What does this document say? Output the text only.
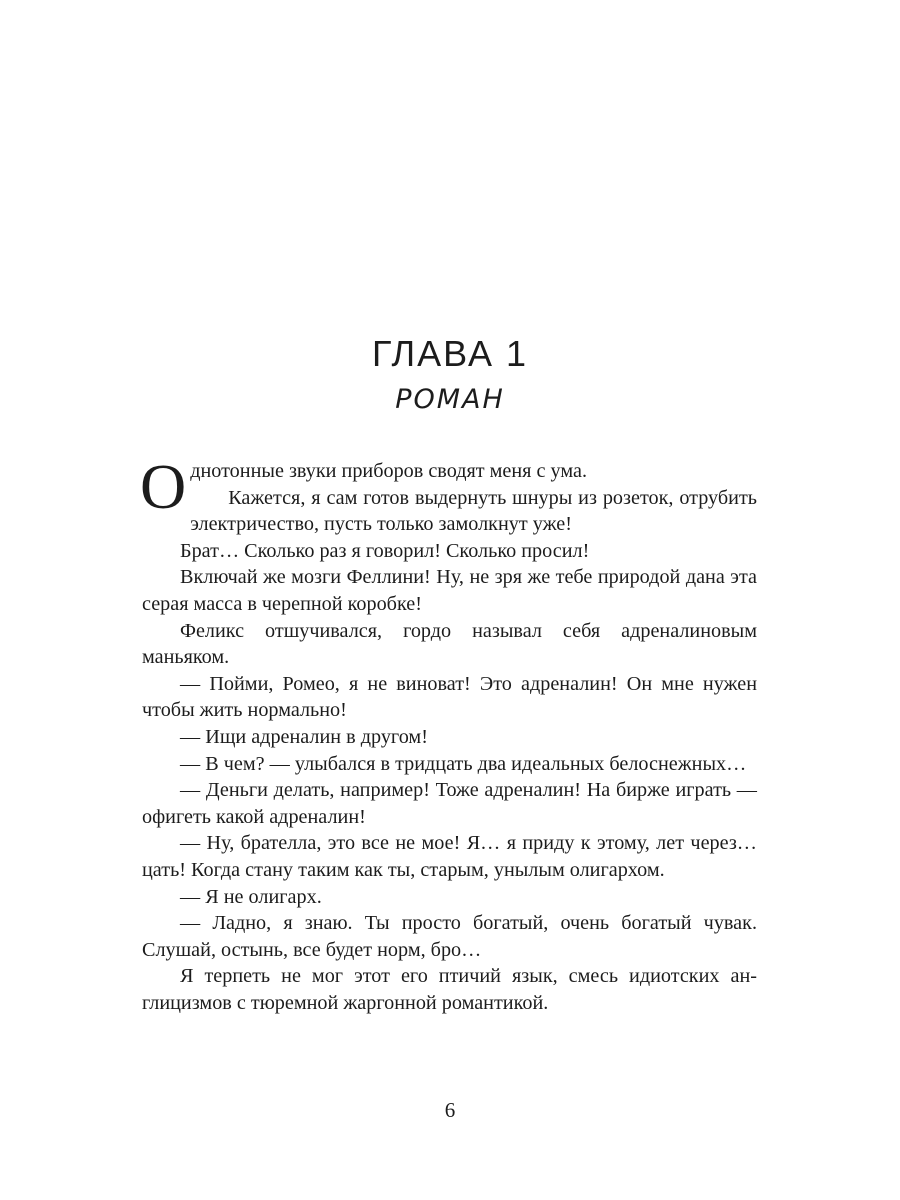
ГЛАВА 1
РОМАН

Однотонные звуки приборов сводят меня с ума.

Кажется, я сам готов выдернуть шнуры из розеток, отрубить электричество, пусть только замолкнут уже!

Брат… Сколько раз я говорил! Сколько просил!

Включай же мозги Феллини! Ну, не зря же тебе природой дана эта серая масса в черепной коробке!

Феликс отшучивался, гордо называл себя адреналиновым маньяком.

— Пойми, Ромео, я не виноват! Это адреналин! Он мне нужен чтобы жить нормально!

— Ищи адреналин в другом!

— В чем? — улыбался в тридцать два идеальных белоснежных…

— Деньги делать, например! Тоже адреналин! На бирже играть — офигеть какой адреналин!

— Ну, брателла, это все не мое! Я… я приду к этому, лет через… цать! Когда стану таким как ты, старым, унылым олигархом.

— Я не олигарх.

— Ладно, я знаю. Ты просто богатый, очень богатый чувак. Слушай, остынь, все будет норм, бро…

Я терпеть не мог этот его птичий язык, смесь идиотских англицизмов с тюремной жаргонной романтикой.

6
